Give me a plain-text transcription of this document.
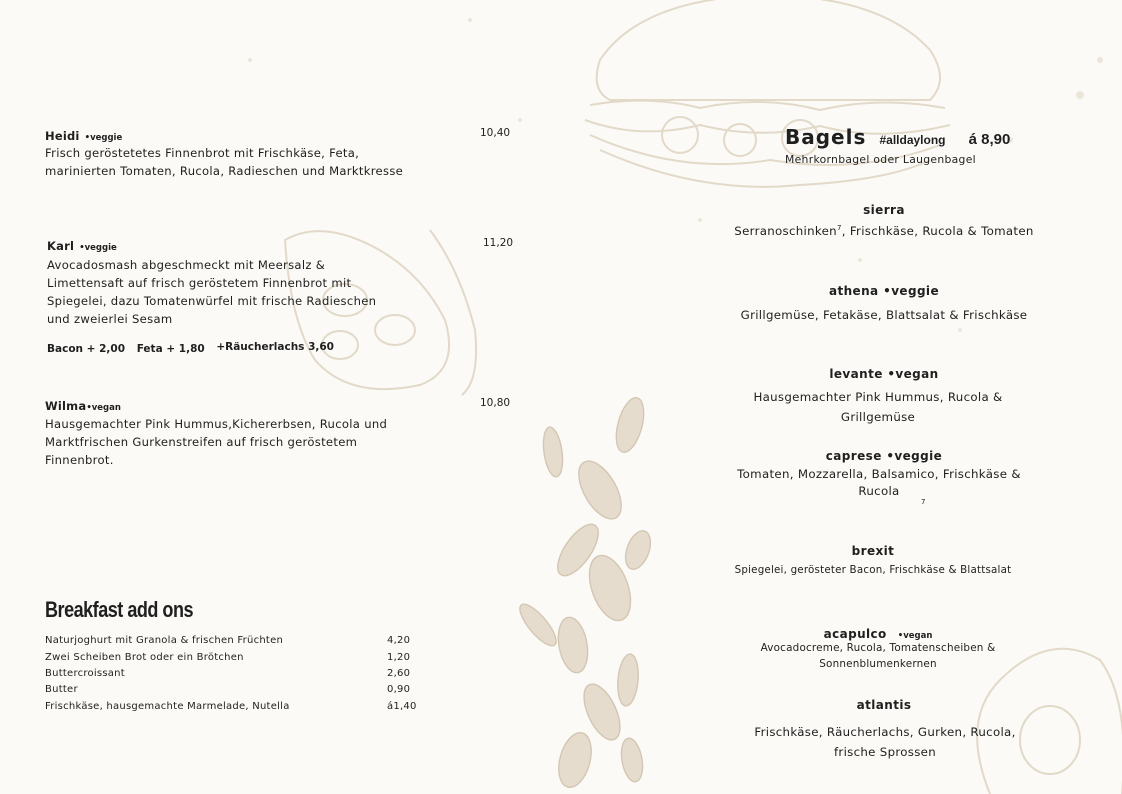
Heidi •veggie	10,40
Frisch geröstetetes Finnenbrot mit Frischkäse, Feta, marinierten Tomaten, Rucola, Radieschen und Marktkresse
Karl •veggie	11,20
Avocadosmash abgeschmeckt mit Meersalz & Limettensaft auf frisch geröstetem Finnenbrot mit Spiegelei, dazu Tomatenwürfel mit frische Radieschen und zweierlei Sesam
Bacon + 2,00 Feta + 1,80 +Räucherlachs 3,60
Wilma•vegan	10,80
Hausgemachter Pink Hummus,Kichererbsen, Rucola und Marktfrischen Gurkenstreifen auf frisch geröstetem Finnenbrot.
Breakfast add ons
Naturjoghurt mit Granola & frischen Früchten	4,20
Zwei Scheiben Brot oder ein Brötchen	1,20
Buttercroissant	2,60
Butter	0,90
Frischkäse, hausgemachte Marmelade, Nutella	á1,40
Bagels #alldaylong á 8,90
Mehrkornbagel oder Laugenbagel
sierra
Serranoschinken$^7$, Frischkäse, Rucola & Tomaten
athena •veggie
Grillgemüse, Fetakäse, Blattsalat & Frischkäse
levante •vegan
Hausgemachter Pink Hummus, Rucola & Grillgemüse
caprese •veggie
Tomaten, Mozzarella, Balsamico, Frischkäse & Rucola
7
brexit
Spiegelei, gerösteter Bacon, Frischkäse & Blattsalat
acapulco •vegan
Avocadocreme, Rucola, Tomatenscheiben & Sonnenblumenkernen
atlantis
Frischkäse, Räucherlachs, Gurken, Rucola, frische Sprossen
